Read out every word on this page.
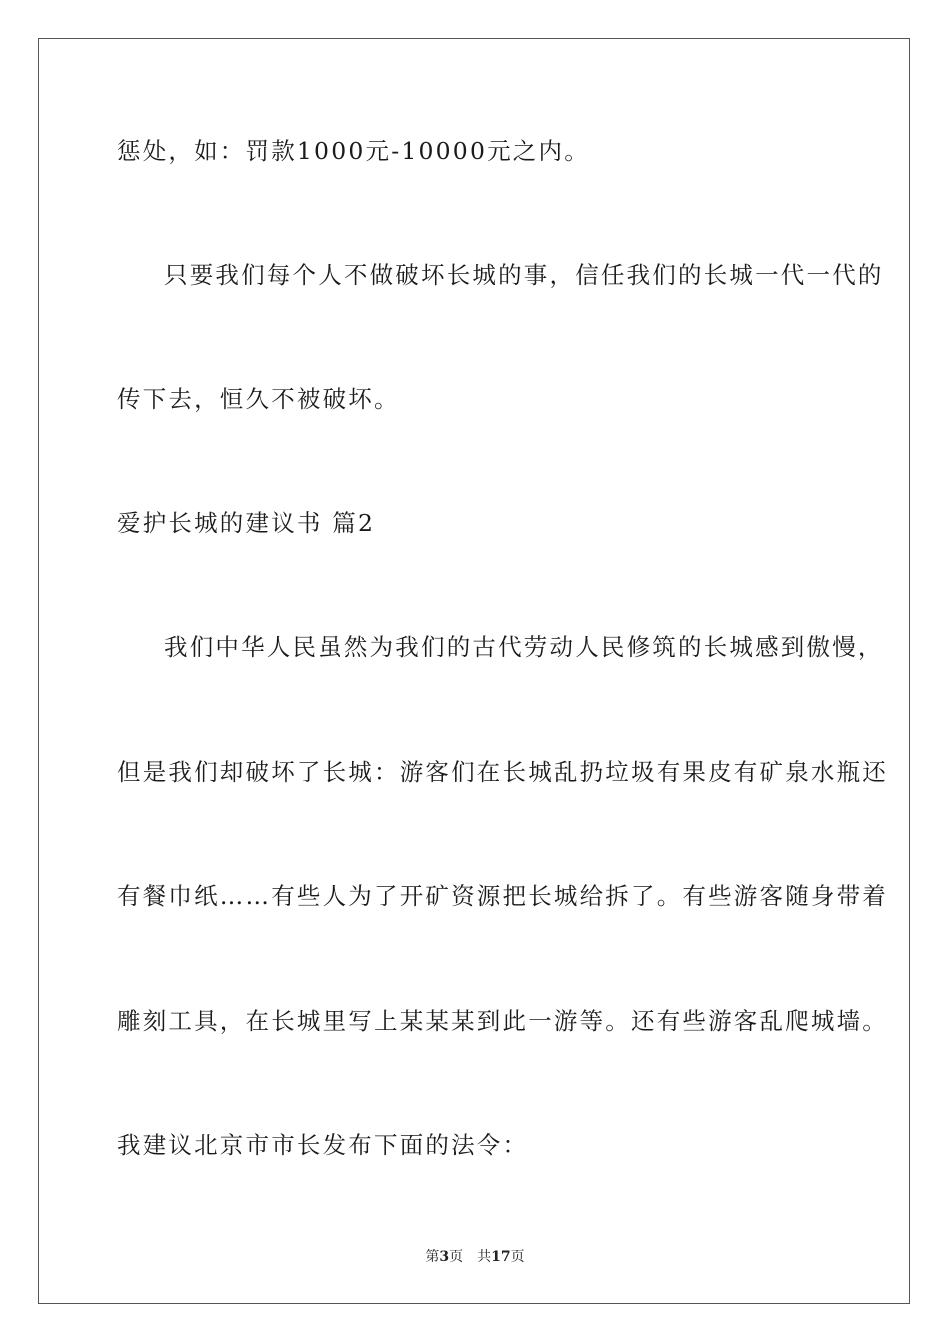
惩处，如：罚款1000元-10000元之内。
只要我们每个人不做破坏长城的事，信任我们的长城一代一代的
传下去，恒久不被破坏。
爱护长城的建议书 篇2
我们中华人民虽然为我们的古代劳动人民修筑的长城感到傲慢，
但是我们却破坏了长城：游客们在长城乱扔垃圾有果皮有矿泉水瓶还
有餐巾纸……有些人为了开矿资源把长城给拆了。有些游客随身带着
雕刻工具，在长城里写上某某某到此一游等。还有些游客乱爬城墙。
我建议北京市市长发布下面的法令：
第3页 共17页
